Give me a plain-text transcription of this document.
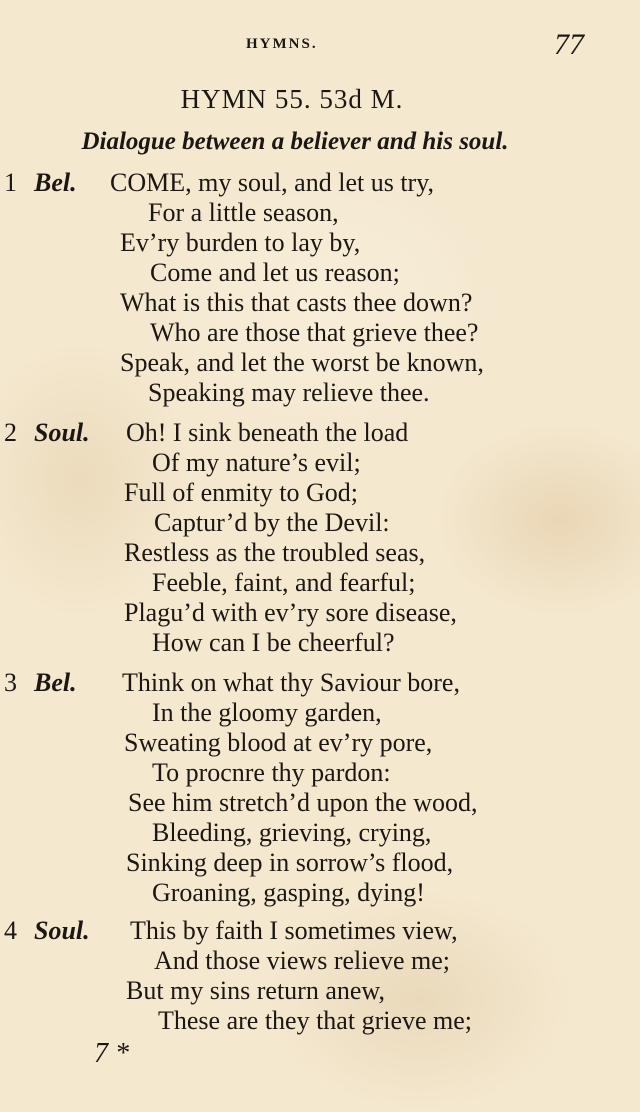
HYMNS.	77
HYMN 55. 53d M.
Dialogue between a believer and his soul.
1 Bel. COME, my soul, and let us try,
For a little season,
Ev’ry burden to lay by,
Come and let us reason;
What is this that casts thee down?
Who are those that grieve thee?
Speak, and let the worst be known,
Speaking may relieve thee.
2 Soul. Oh! I sink beneath the load
Of my nature’s evil;
Full of enmity to God;
Captur’d by the Devil:
Restless as the troubled seas,
Feeble, faint, and fearful;
Plagu’d with ev’ry sore disease,
How can I be cheerful?
3 Bel. Think on what thy Saviour bore,
In the gloomy garden,
Sweating blood at ev’ry pore,
To procnre thy pardon:
See him stretch’d upon the wood,
Bleeding, grieving, crying,
Sinking deep in sorrow’s flood,
Groaning, gasping, dying!
4 Soul. This by faith I sometimes view,
And those views relieve me;
But my sins return anew,
These are they that grieve me;
7 *
